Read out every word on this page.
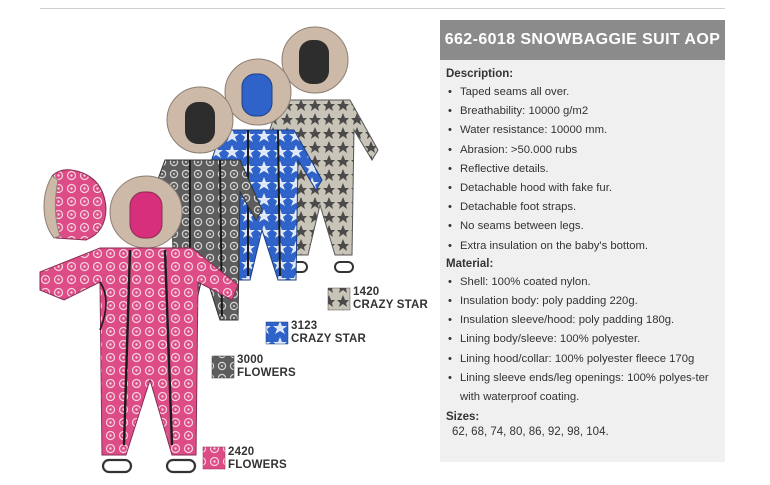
1420
CRAZY STAR
3123
CRAZY STAR
3000
FLOWERS
2420
FLOWERS
662-6018 SNOWBAGGIE SUIT AOP
Description:
• Taped seams all over.
• Breathability: 10000 g/m2
• Water resistance: 10000 mm.
• Abrasion: >50.000 rubs
• Reflective details.
• Detachable hood with fake fur.
• Detachable foot straps.
• No seams between legs.
• Extra insulation on the baby's bottom.
Material:
• Shell: 100% coated nylon.
• Insulation body: poly padding 220g.
• Insulation sleeve/hood: poly padding 180g.
• Lining body/sleeve: 100% polyester.
• Lining hood/collar: 100% polyester fleece 170g
• Lining sleeve ends/leg openings: 100% polyes-ter with waterproof coating.
Sizes:
62, 68, 74, 80, 86, 92, 98, 104.
